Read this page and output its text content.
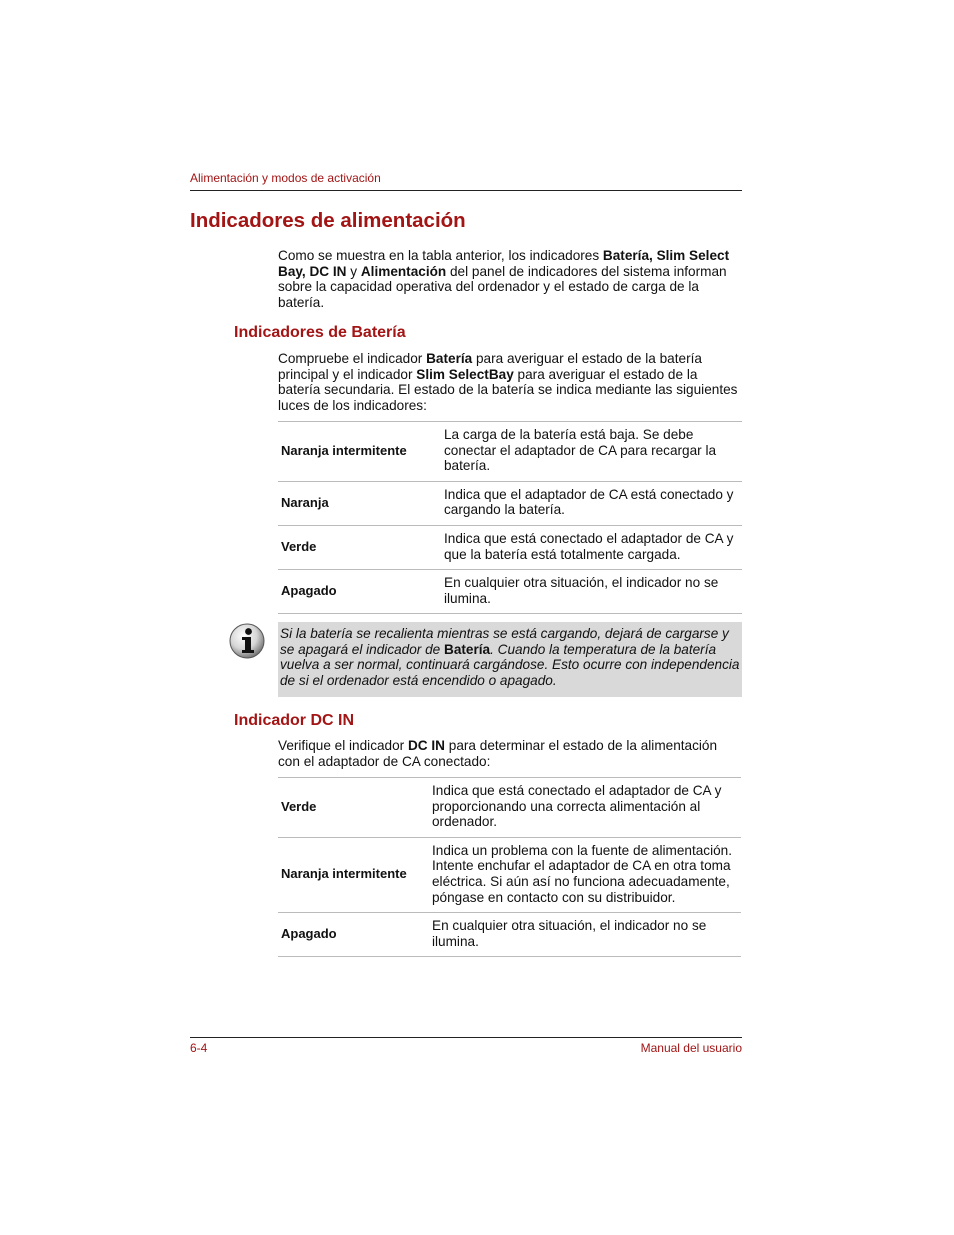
Alimentación y modos de activación
Indicadores de alimentación

Como se muestra en la tabla anterior, los indicadores Batería, Slim Select Bay, DC IN y Alimentación del panel de indicadores del sistema informan sobre la capacidad operativa del ordenador y el estado de carga de la batería.

Indicadores de Batería

Compruebe el indicador Batería para averiguar el estado de la batería principal y el indicador Slim SelectBay para averiguar el estado de la batería secundaria. El estado de la batería se indica mediante las siguientes luces de los indicadores:

Naranja intermitente	La carga de la batería está baja. Se debe conectar el adaptador de CA para recargar la batería.
Naranja	Indica que el adaptador de CA está conectado y cargando la batería.
Verde	Indica que está conectado el adaptador de CA y que la batería está totalmente cargada.
Apagado	En cualquier otra situación, el indicador no se ilumina.

Si la batería se recalienta mientras se está cargando, dejará de cargarse y se apagará el indicador de Batería. Cuando la temperatura de la batería vuelva a ser normal, continuará cargándose. Esto ocurre con independencia de si el ordenador está encendido o apagado.

Indicador DC IN

Verifique el indicador DC IN para determinar el estado de la alimentación con el adaptador de CA conectado:

Verde	Indica que está conectado el adaptador de CA y proporcionando una correcta alimentación al ordenador.
Naranja intermitente	Indica un problema con la fuente de alimentación. Intente enchufar el adaptador de CA en otra toma eléctrica. Si aún así no funciona adecuadamente, póngase en contacto con su distribuidor.
Apagado	En cualquier otra situación, el indicador no se ilumina.
6-4	Manual del usuario
